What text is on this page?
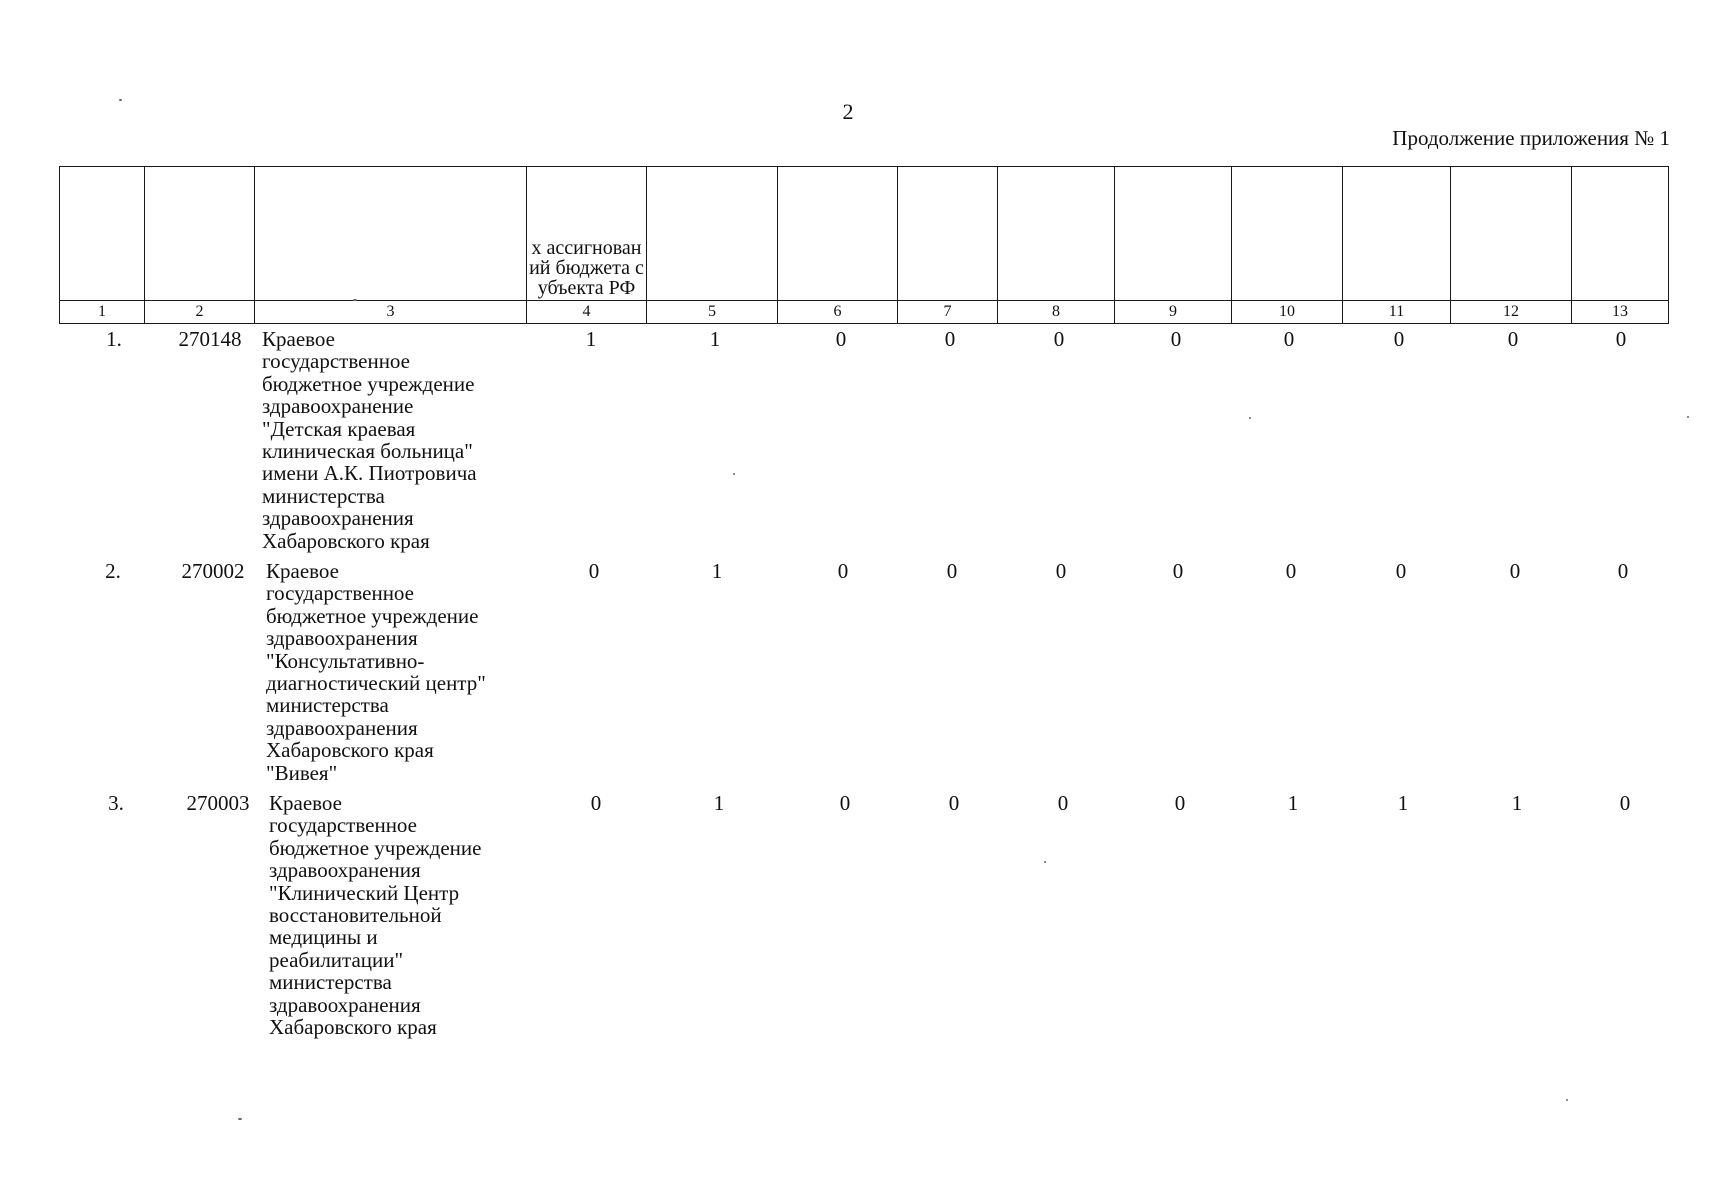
2
Продолжение приложения № 1

			х ассигнований бюджета субъекта РФ									

1	2	3	4	5	6	7	8	9	10	11	12	13
1.	270148 Краевое
государственное
бюджетное учреждение
здравоохранение
"Детская краевая
клиническая больница"
имени А.К. Пиотровича
министерства
здравоохранения
Хабаровского края
1	1	0	0	0	0	0	0	0	0
2.	270002	Краевое
государственное
бюджетное учреждение
здравоохранения
"Консультативно-
диагностический центр"
министерства
здравоохранения
Хабаровского края
"Вивея"
0	1	0	0	0	0	0	0	0	0
3.	270003 Краевое
государственное
бюджетное учреждение
здравоохранения
"Клинический Центр
восстановительной
медицины и
реабилитации"
министерства
здравоохранения
Хабаровского края
0	1	0	0	0	0	1	1	1	0
